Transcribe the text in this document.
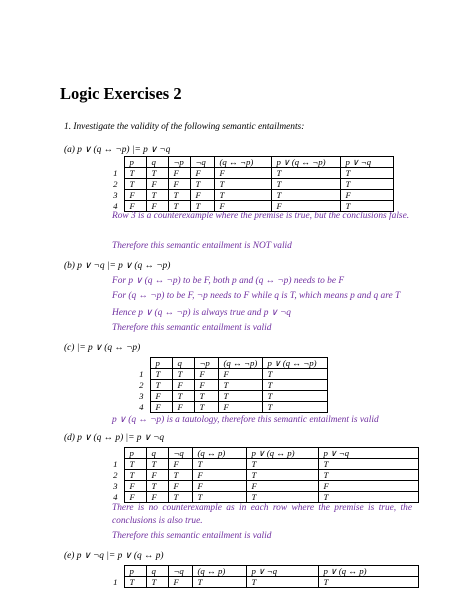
Logic Exercises 2
1. Investigate the validity of the following semantic entailments:
(a) p ∨ (q ↔ ¬p) |= p ∨ ¬q
	p	q	¬p	¬q	(q ↔ ¬p)	p ∨ (q ↔ ¬p)	p ∨ ¬q
1	T	T	F	F	F	T	T
2	T	F	F	T	T	T	T
3	F	T	T	F	T	T	F
4	F	F	T	T	F	F	T
Row 3 is a counterexample where the premise is true, but the conclusions false.
Therefore this semantic entailment is NOT valid
(b) p ∨ ¬q |= p ∨ (q ↔ ¬p)
For p ∨ (q ↔ ¬p) to be F, both p and (q ↔ ¬p) needs to be F
For (q ↔ ¬p) to be F, ¬p needs to F while q is T, which means p and q are T
Hence p ∨ (q ↔ ¬p) is always true and p ∨ ¬q
Therefore this semantic entailment is valid
(c) |= p ∨ (q ↔ ¬p)
	p	q	¬p	(q ↔ ¬p)	p ∨ (q ↔ ¬p)
1	T	T	F	F	T
2	T	F	F	T	T
3	F	T	T	T	T
4	F	F	T	F	T
p ∨ (q ↔ ¬p) is a tautology, therefore this semantic entailment is valid
(d) p ∨ (q ↔ p) |= p ∨ ¬q
	p	q	¬q	(q ↔ p)	p ∨ (q ↔ p)	p ∨ ¬q
1	T	T	F	T	T	T
2	T	F	T	F	T	T
3	F	T	F	F	F	F
4	F	F	T	T	T	T
There is no counterexample as in each row where the premise is true, the conclusions is also true.
Therefore this semantic entailment is valid
(e) p ∨ ¬q |= p ∨ (q ↔ p)
	p	q	¬q	(q ↔ p)	p ∨ ¬q	p ∨ (q ↔ p)
1	T	T	F	T	T	T
